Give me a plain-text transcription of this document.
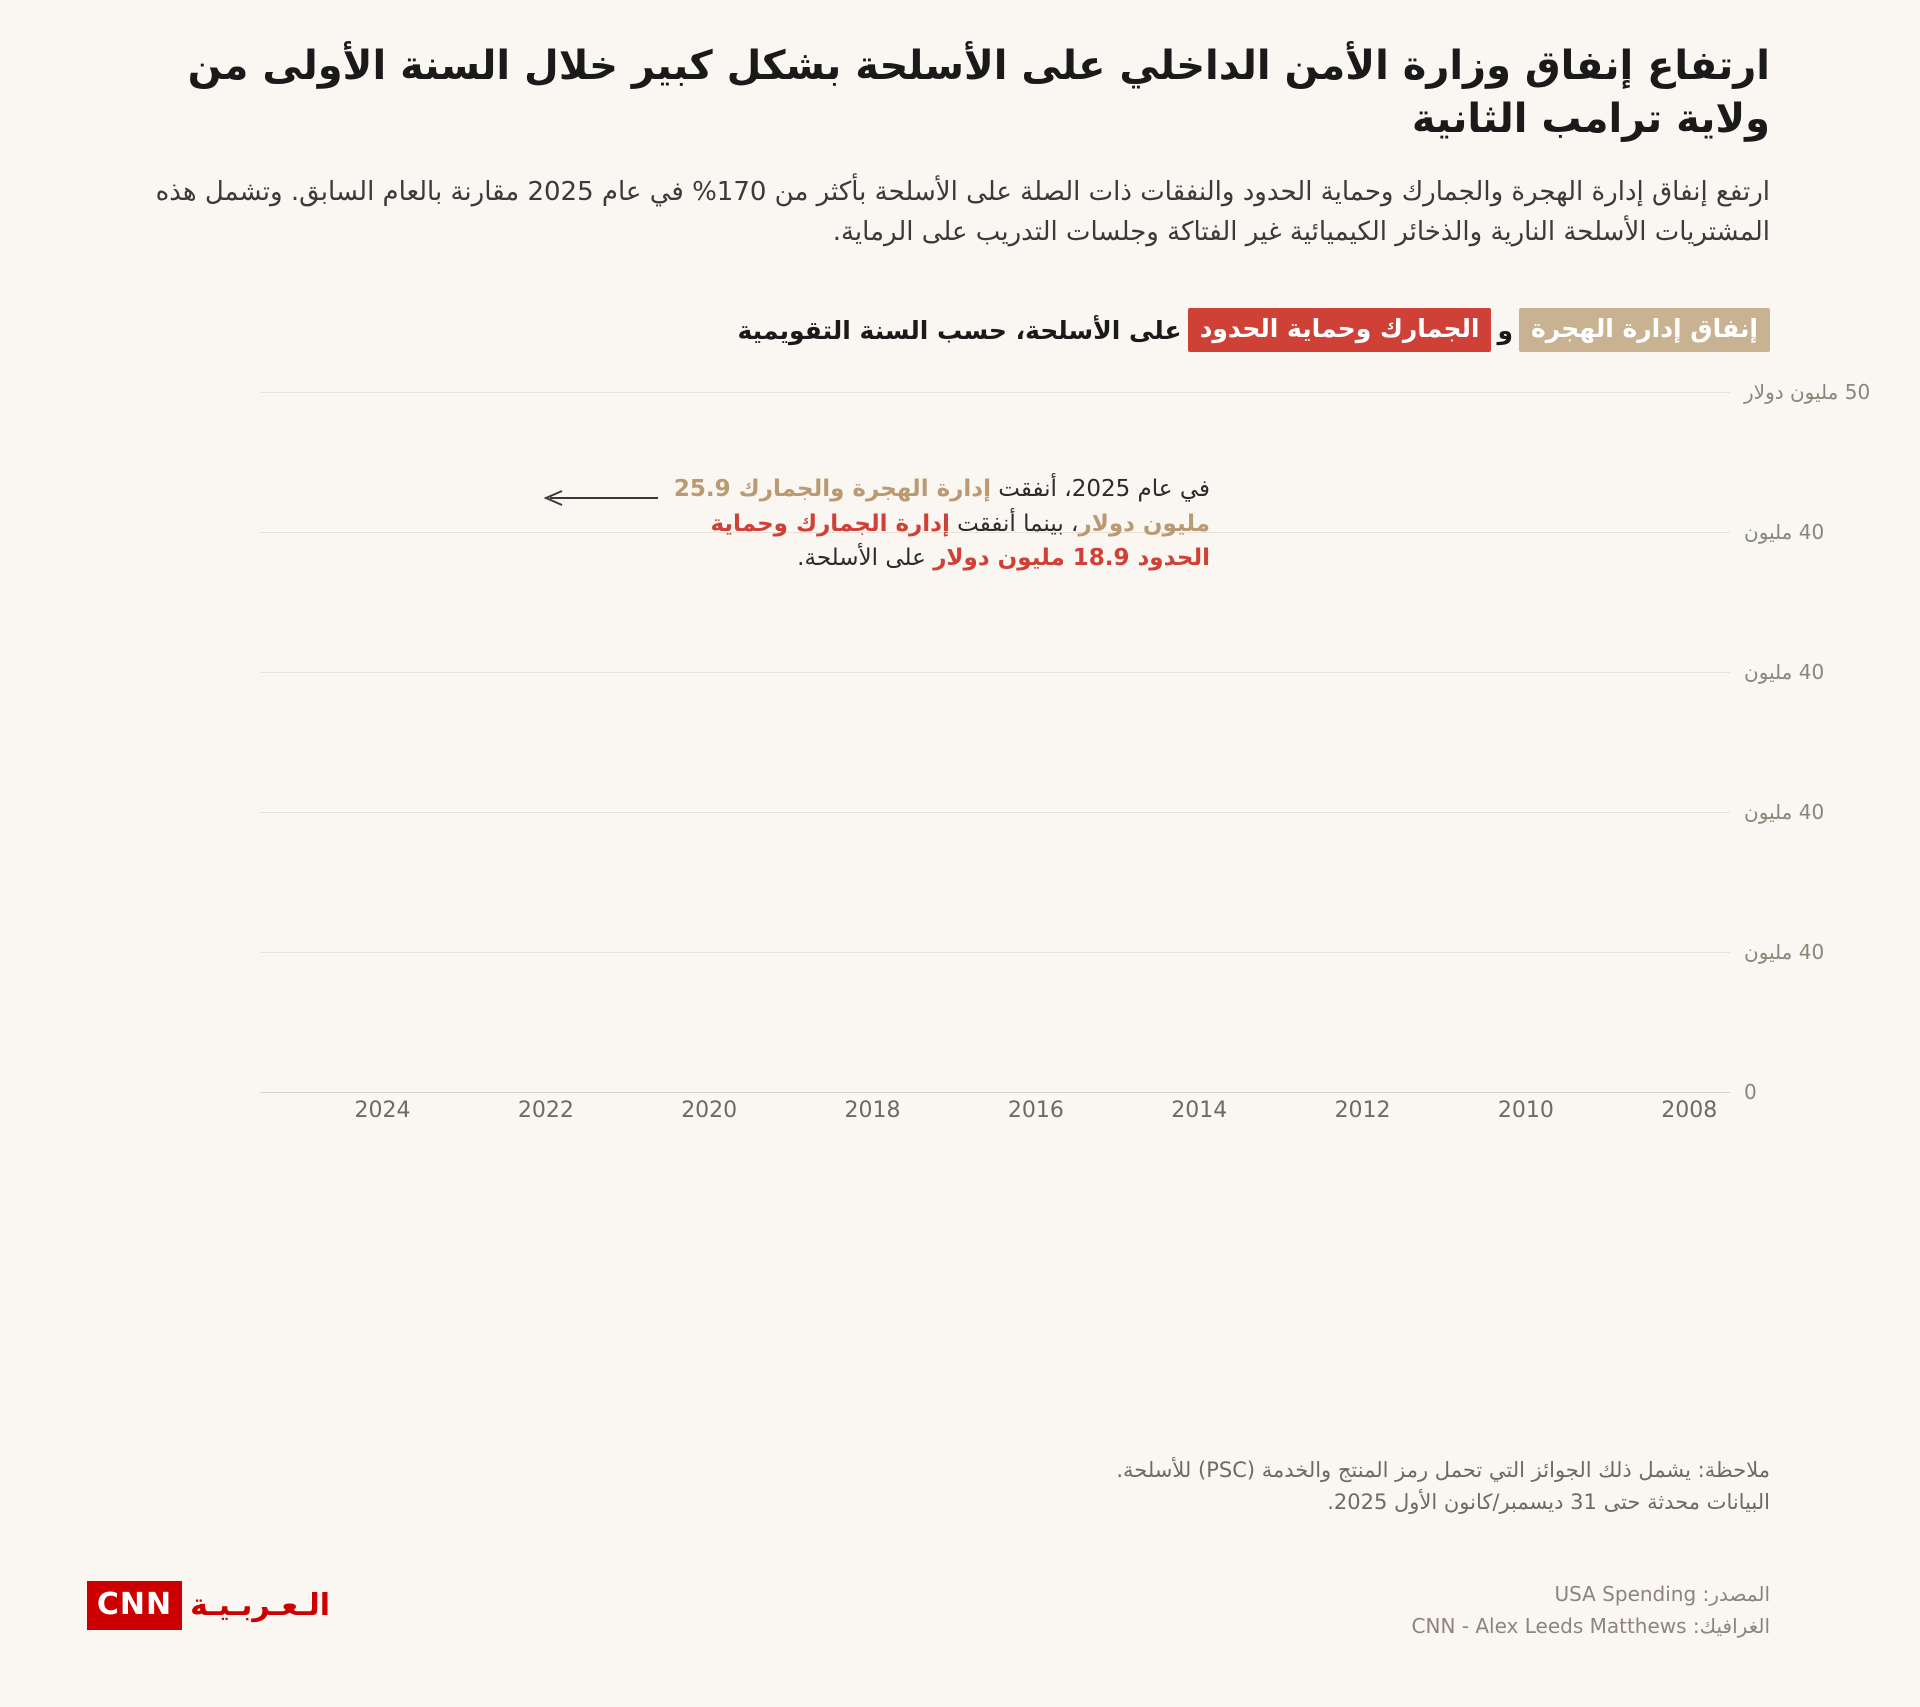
ارتفاع إنفاق وزارة الأمن الداخلي على الأسلحة بشكل كبير خلال السنة الأولى من ولاية ترامب الثانية

ارتفع إنفاق إدارة الهجرة والجمارك وحماية الحدود والنفقات ذات الصلة على الأسلحة بأكثر من 170% في عام 2025 مقارنة بالعام السابق. وتشمل هذه المشتريات الأسلحة النارية والذخائر الكيميائية غير الفتاكة وجلسات التدريب على الرماية.

إنفاق إدارة الهجرةوالجمارك وحماية الحدودعلى الأسلحة، حسب السنة التقويمية
50 مليون دولار
40 مليون
40 مليون
40 مليون
40 مليون
0
2024	2022	2020	2018	2016	2014	2012	2010	2008
في عام 2025، أنفقت إدارة الهجرة والجمارك 25.9 مليون دولار، بينما أنفقت إدارة الجمارك وحماية الحدود 18.9 مليون دولار على الأسلحة.
ملاحظة: يشمل ذلك الجوائز التي تحمل رمز المنتج والخدمة (PSC) للأسلحة.
البيانات محدثة حتى 31 ديسمبر/كانون الأول 2025.
المصدر: USA Spending
الغرافيك: CNN - Alex Leeds Matthews
الـعـربـيـة
CNN
